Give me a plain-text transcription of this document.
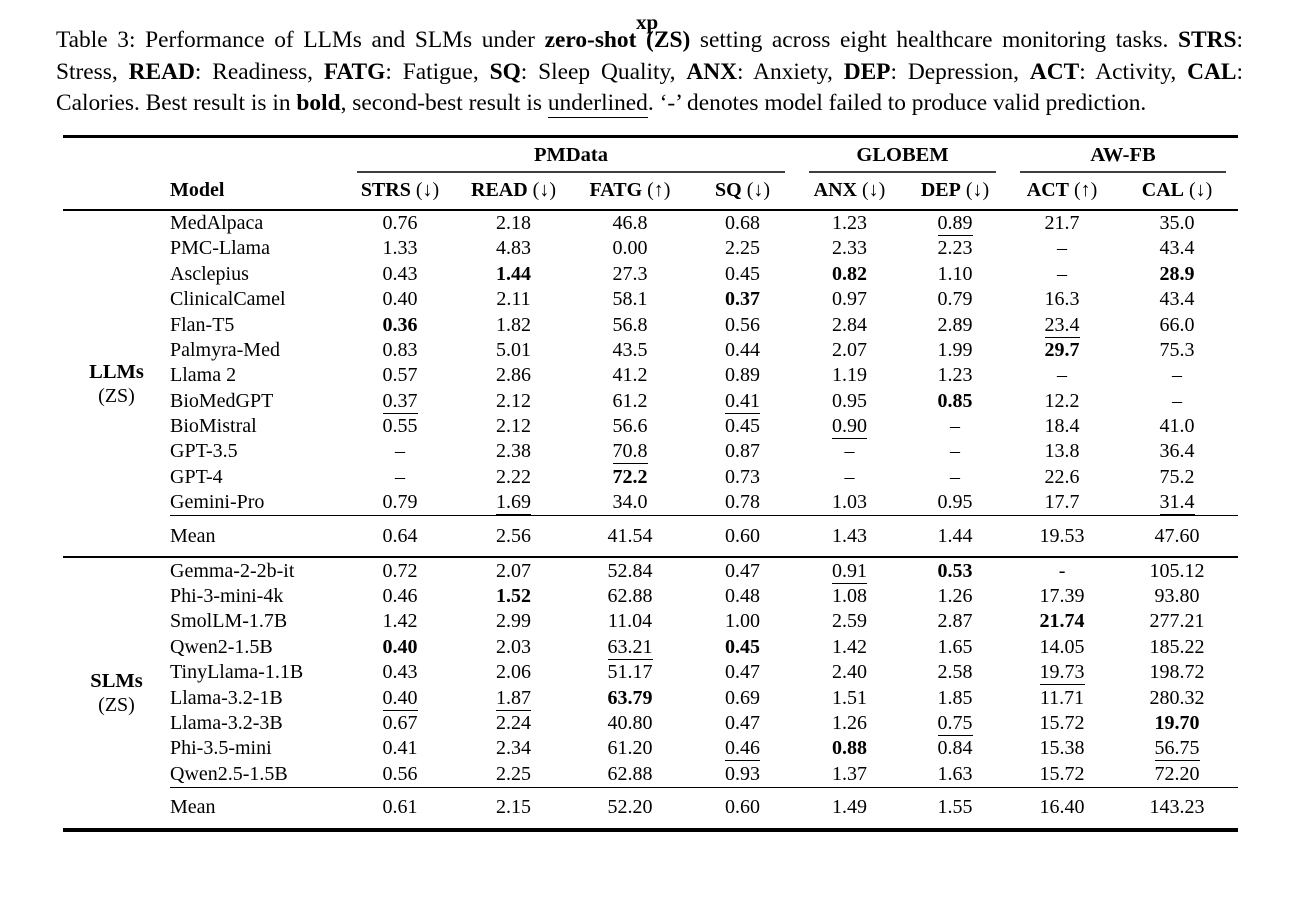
xp
Table 3: Performance of LLMs and SLMs under zero-shot (ZS) setting across eight healthcare monitoring tasks. STRS: Stress, READ: Readiness, FATG: Fatigue, SQ: Sleep Quality, ANX: Anxiety, DEP: Depression, ACT: Activity, CAL: Calories. Best result is in bold, second-best result is underlined. ‘-’ denotes model failed to produce valid prediction.
		PMData				GLOBEM		AW-FB	
	Model	STRS (↓)	READ (↓)	FATG (↑)	SQ (↓)	ANX (↓)	DEP (↓)	ACT (↑)	CAL (↓)

LLMs
(ZS)	MedAlpaca	0.76	2.18	46.8	0.68	1.23	0.89	21.7	35.0
	PMC-Llama	1.33	4.83	0.00	2.25	2.33	2.23	–	43.4
	Asclepius	0.43	1.44	27.3	0.45	0.82	1.10	–	28.9
	ClinicalCamel	0.40	2.11	58.1	0.37	0.97	0.79	16.3	43.4
	Flan-T5	0.36	1.82	56.8	0.56	2.84	2.89	23.4	66.0
	Palmyra-Med	0.83	5.01	43.5	0.44	2.07	1.99	29.7	75.3
	Llama 2	0.57	2.86	41.2	0.89	1.19	1.23	–	–
	BioMedGPT	0.37	2.12	61.2	0.41	0.95	0.85	12.2	–
	BioMistral	0.55	2.12	56.6	0.45	0.90	–	18.4	41.0
	GPT-3.5	–	2.38	70.8	0.87	–	–	13.8	36.4
	GPT-4	–	2.22	72.2	0.73	–	–	22.6	75.2
	Gemini-Pro	0.79	1.69	34.0	0.78	1.03	0.95	17.7	31.4
	Mean	0.64	2.56	41.54	0.60	1.43	1.44	19.53	47.60

SLMs
(ZS)	Gemma-2-2b-it	0.72	2.07	52.84	0.47	0.91	0.53	-	105.12
	Phi-3-mini-4k	0.46	1.52	62.88	0.48	1.08	1.26	17.39	93.80
	SmolLM-1.7B	1.42	2.99	11.04	1.00	2.59	2.87	21.74	277.21
	Qwen2-1.5B	0.40	2.03	63.21	0.45	1.42	1.65	14.05	185.22
	TinyLlama-1.1B	0.43	2.06	51.17	0.47	2.40	2.58	19.73	198.72
	Llama-3.2-1B	0.40	1.87	63.79	0.69	1.51	1.85	11.71	280.32
	Llama-3.2-3B	0.67	2.24	40.80	0.47	1.26	0.75	15.72	19.70
	Phi-3.5-mini	0.41	2.34	61.20	0.46	0.88	0.84	15.38	56.75
	Qwen2.5-1.5B	0.56	2.25	62.88	0.93	1.37	1.63	15.72	72.20
	Mean	0.61	2.15	52.20	0.60	1.49	1.55	16.40	143.23
